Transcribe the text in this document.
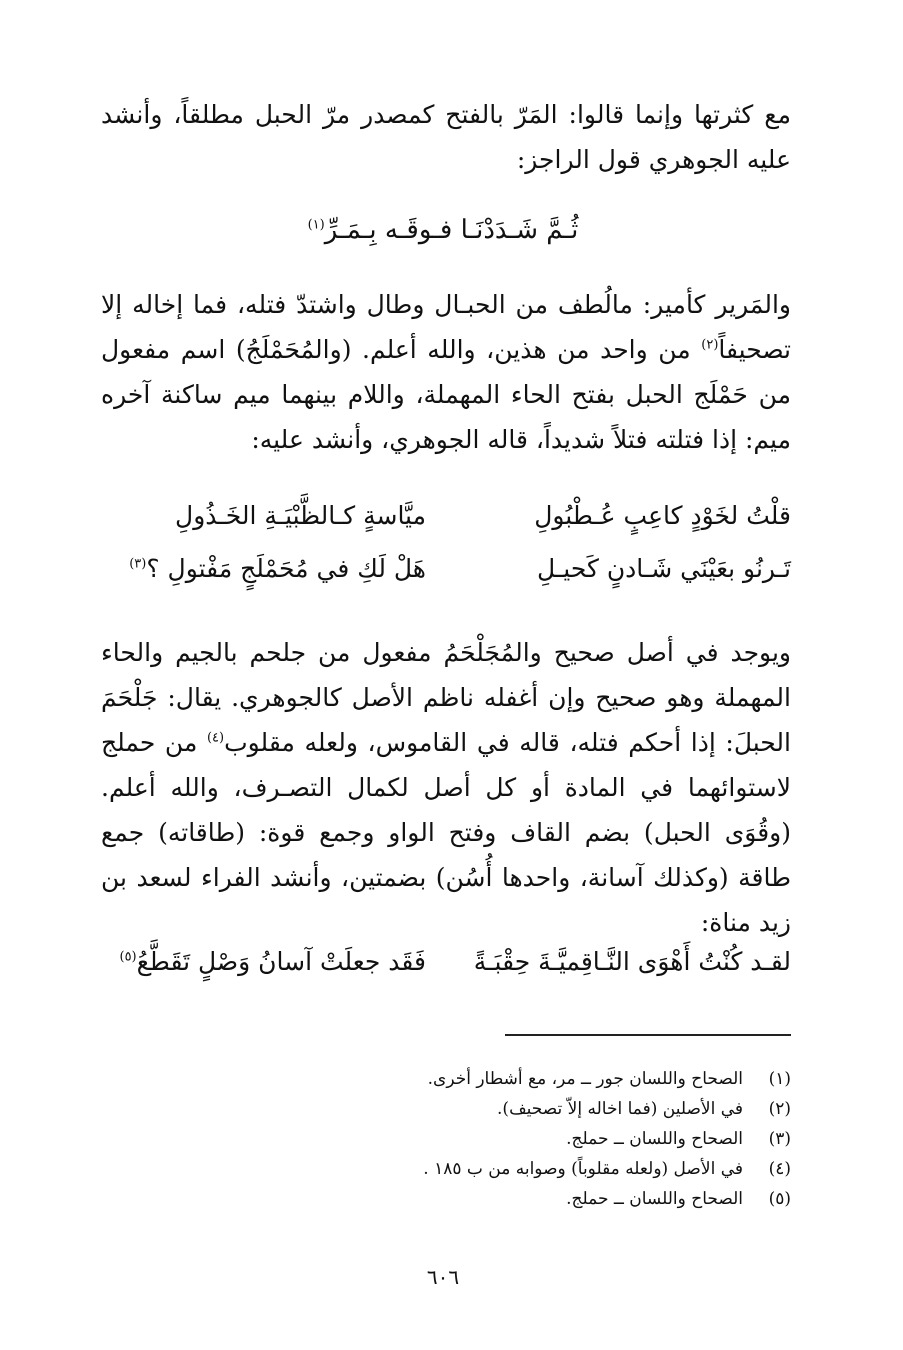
مع كثرتها وإنما قالوا: المَرّ بالفتح كمصدر مرّ الحبل مطلقاً، وأنشد عليه الجوهري قول الراجز:

ثُـمَّ شَـدَدْنَـا فـوقَـه بِـمَـرِّ$^{(١)}$

والمَرير كأمير: مالُطف من الحبـال وطال واشتدّ فتله، فما إخاله إلا تصحيفاً$^{(٢)}$ من واحد من هذين، والله أعلم. (والمُحَمْلَجُ) اسم مفعول من حَمْلَج الحبل بفتح الحاء المهملة، واللام بينهما ميم ساكنة آخره ميم: إذا فتلته فتلاً شديداً، قاله الجوهري، وأنشد عليه:

قلْتُ لخَوْدٍ كاعِبٍ عُـطْبُولِ
ميَّاسةٍ كـالظَّبْيَـةِ الخَـذُولِ
تَـرنُو بعَيْنَي شَـادنٍ كَحيـلِ
هَلْ لَكِ في مُحَمْلَجٍ مَفْتولِ ؟$^{(٣)}$

ويوجد في أصل صحيح والمُجَلْحَمُ مفعول من جلحم بالجيم والحاء المهملة وهو صحيح وإن أغفله ناظم الأصل كالجوهري. يقال: جَلْحَمَ الحبلَ: إذا أحكم فتله، قاله في القاموس، ولعله مقلوب$^{(٤)}$ من حملج لاستوائهما في المادة أو كل أصل لكمال التصـرف، والله أعلم. (وقُوَى الحبل) بضم القاف وفتح الواو وجمع قوة: (طاقاته) جمع طاقة (وكذلك آسانة، واحدها أُسُن) بضمتين، وأنشد الفراء لسعد بن زيد مناة:

لقـد كُنْتُ أَهْوَى النَّـاقِميَّـةَ حِقْبَـةً
فَقَد جعلَتْ آسانُ وَصْلٍ تَقَطَّعُ$^{(٥)}$
(١)
الصحاح واللسان جور ــ مر، مع أشطار أخرى.
(٢)
في الأصلين (فما اخاله إلاّ تصحيف).
(٣)
الصحاح واللسان ــ حملج.
(٤)
في الأصل (ولعله مقلوباً) وصوابه من ب ١٨٥ .
(٥)
الصحاح واللسان ــ حملج.
٦٠٦
